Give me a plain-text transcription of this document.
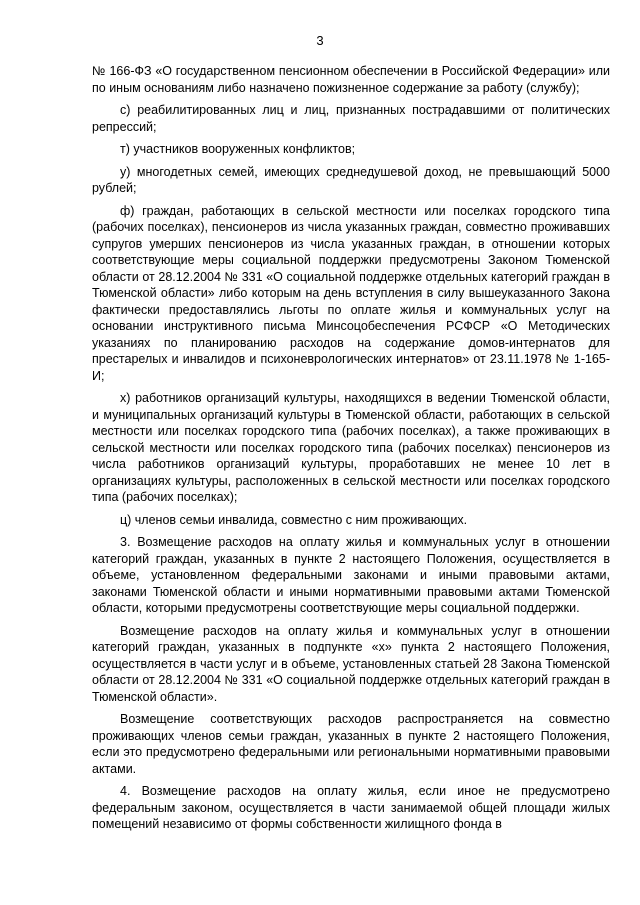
3

№ 166-ФЗ «О государственном пенсионном обеспечении в Российской Федерации» или по иным основаниям либо назначено пожизненное содержание за работу (службу);

с) реабилитированных лиц и лиц, признанных пострадавшими от политических репрессий;

т) участников вооруженных конфликтов;

у) многодетных семей, имеющих среднедушевой доход, не превышающий 5000 рублей;

ф) граждан, работающих в сельской местности или поселках городского типа (рабочих поселках), пенсионеров из числа указанных граждан, совместно проживавших супругов умерших пенсионеров из числа указанных граждан, в отношении которых соответствующие меры социальной поддержки предусмотрены Законом Тюменской области от 28.12.2004 № 331 «О социальной поддержке отдельных категорий граждан в Тюменской области» либо которым на день вступления в силу вышеуказанного Закона фактически предоставлялись льготы по оплате жилья и коммунальных услуг на основании инструктивного письма Минсоцобеспечения РСФСР «О Методических указаниях по планированию расходов на содержание домов-интернатов для престарелых и инвалидов и психоневрологических интернатов» от 23.11.1978 № 1-165-И;

х) работников организаций культуры, находящихся в ведении Тюменской области, и муниципальных организаций культуры в Тюменской области, работающих в сельской местности или поселках городского типа (рабочих поселках), а также проживающих в сельской местности или поселках городского типа (рабочих поселках) пенсионеров из числа работников организаций культуры, проработавших не менее 10 лет в организациях культуры, расположенных в сельской местности или поселках городского типа (рабочих поселках);

ц) членов семьи инвалида, совместно с ним проживающих.

3. Возмещение расходов на оплату жилья и коммунальных услуг в отношении категорий граждан, указанных в пункте 2 настоящего Положения, осуществляется в объеме, установленном федеральными законами и иными правовыми актами, законами Тюменской области и иными нормативными правовыми актами Тюменской области, которыми предусмотрены соответствующие меры социальной поддержки.

Возмещение расходов на оплату жилья и коммунальных услуг в отношении категорий граждан, указанных в подпункте «х» пункта 2 настоящего Положения, осуществляется в части услуг и в объеме, установленных статьей 28 Закона Тюменской области от 28.12.2004 № 331 «О социальной поддержке отдельных категорий граждан в Тюменской области».

Возмещение соответствующих расходов распространяется на совместно проживающих членов семьи граждан, указанных в пункте 2 настоящего Положения, если это предусмотрено федеральными или региональными нормативными правовыми актами.

4. Возмещение расходов на оплату жилья, если иное не предусмотрено федеральным законом, осуществляется в части занимаемой общей площади жилых помещений независимо от формы собственности жилищного фонда в
